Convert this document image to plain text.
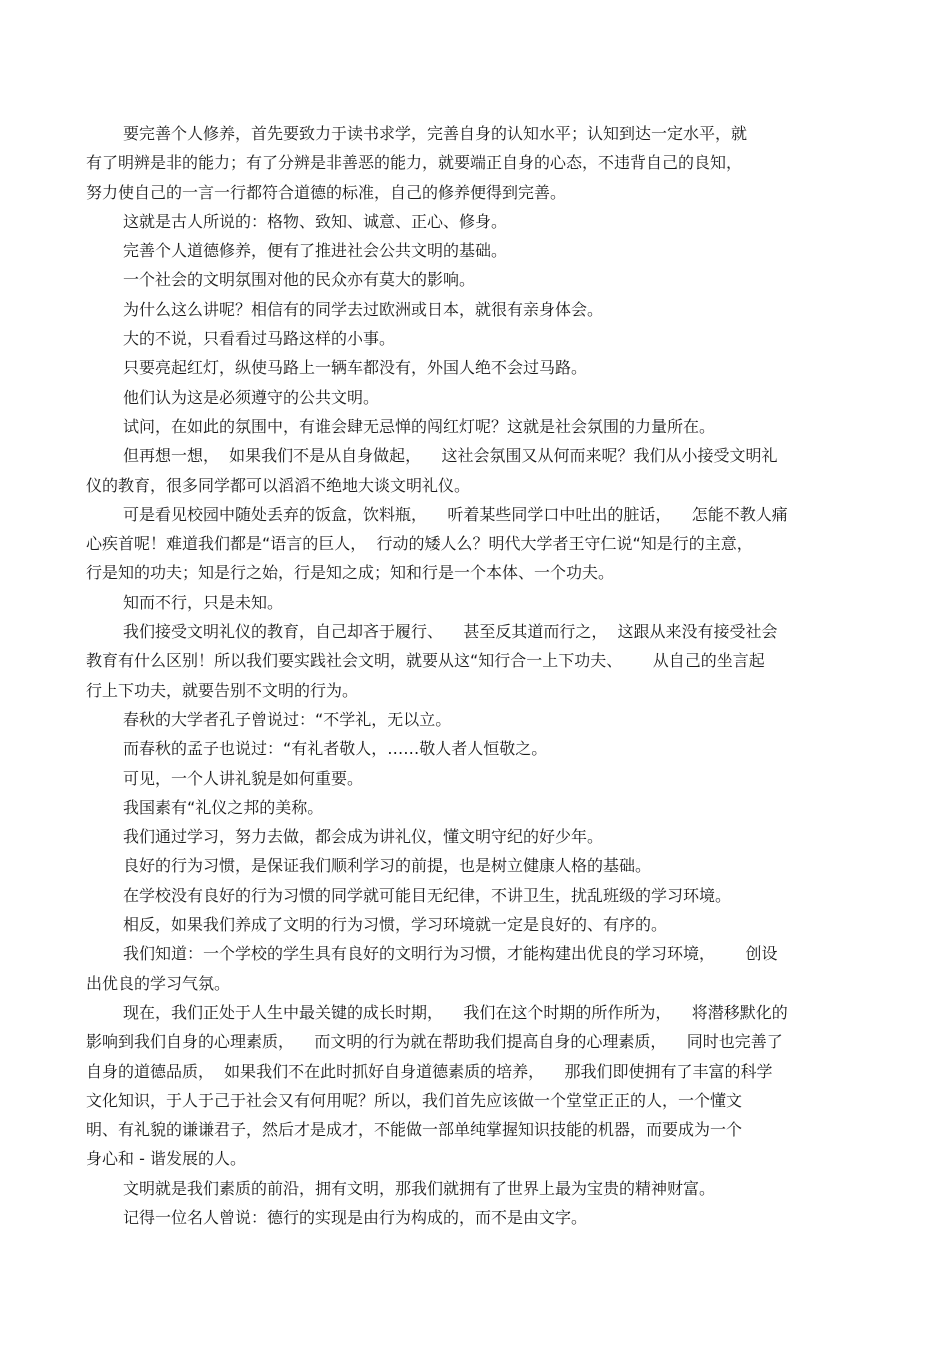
要完善个人修养，首先要致力于读书求学，完善自身的认知水平；认知到达一定水平，就
有了明辨是非的能力；有了分辨是非善恶的能力，就要端正自身的心态，不违背自己的良知，
努力使自己的一言一行都符合道德的标准，自己的修养便得到完善。
这就是古人所说的：格物、致知、诚意、正心、修身。
完善个人道德修养，便有了推进社会公共文明的基础。
一个社会的文明氛围对他的民众亦有莫大的影响。
为什么这么讲呢？相信有的同学去过欧洲或日本，就很有亲身体会。
大的不说，只看看过马路这样的小事。
只要亮起红灯，纵使马路上一辆车都没有，外国人绝不会过马路。
他们认为这是必须遵守的公共文明。
试问，在如此的氛围中，有谁会肆无忌惮的闯红灯呢？这就是社会氛围的力量所在。
但再想一想，  如果我们不是从自身做起，    这社会氛围又从何而来呢？我们从小接受文明礼
仪的教育，很多同学都可以滔滔不绝地大谈文明礼仪。
可是看见校园中随处丢弃的饭盒，饮料瓶，    听着某些同学口中吐出的脏话，    怎能不教人痛
心疾首呢！难道我们都是“语言的巨人，  行动的矮人么？明代大学者王守仁说“知是行的主意，
行是知的功夫；知是行之始，行是知之成；知和行是一个本体、一个功夫。
知而不行，只是未知。
我们接受文明礼仪的教育，自己却吝于履行、    甚至反其道而行之，  这跟从来没有接受社会
教育有什么区别！所以我们要实践社会文明，就要从这“知行合一上下功夫、      从自己的坐言起
行上下功夫，就要告别不文明的行为。
春秋的大学者孔子曾说过：“不学礼，无以立。
而春秋的孟子也说过：“有礼者敬人，……敬人者人恒敬之。
可见，一个人讲礼貌是如何重要。
我国素有“礼仪之邦的美称。
我们通过学习，努力去做，都会成为讲礼仪，懂文明守纪的好少年。
良好的行为习惯，是保证我们顺利学习的前提，也是树立健康人格的基础。
在学校没有良好的行为习惯的同学就可能目无纪律，不讲卫生，扰乱班级的学习环境。
相反，如果我们养成了文明的行为习惯，学习环境就一定是良好的、有序的。
我们知道：一个学校的学生具有良好的文明行为习惯，才能构建出优良的学习环境，      创设
出优良的学习气氛。
现在，我们正处于人生中最关键的成长时期，    我们在这个时期的所作所为，    将潜移默化的
影响到我们自身的心理素质，    而文明的行为就在帮助我们提高自身的心理素质，    同时也完善了
自身的道德品质，  如果我们不在此时抓好自身道德素质的培养，    那我们即使拥有了丰富的科学
文化知识，于人于己于社会又有何用呢？所以，我们首先应该做一个堂堂正正的人，一个懂文
明、有礼貌的谦谦君子，然后才是成才，不能做一部单纯掌握知识技能的机器，而要成为一个
身心和 - 谐发展的人。
文明就是我们素质的前沿，拥有文明，那我们就拥有了世界上最为宝贵的精神财富。
记得一位名人曾说：德行的实现是由行为构成的，而不是由文字。
